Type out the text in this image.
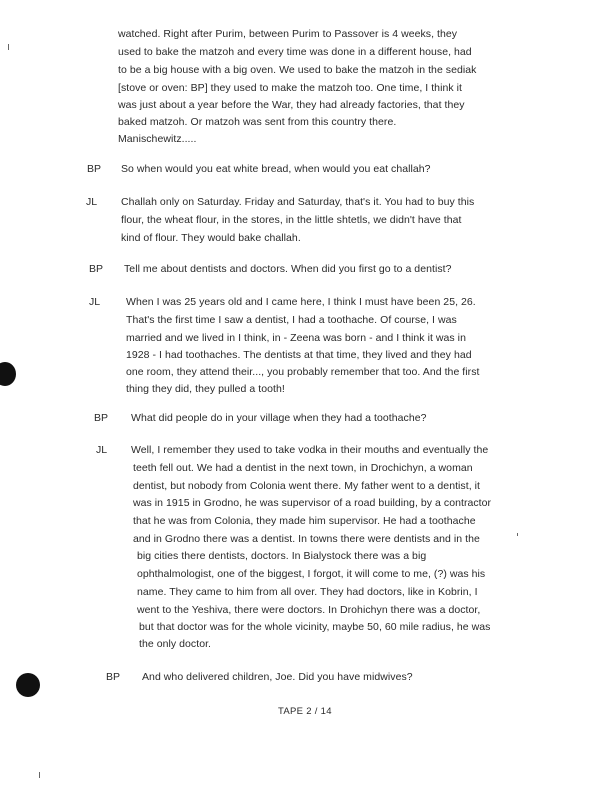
watched. Right after Purim, between Purim to Passover is 4 weeks, they
used to bake the matzoh and every time was done in a different house, had
to be a big house with a big oven. We used to bake the matzoh in the sediak
[stove or oven: BP] they used to make the matzoh too. One time, I think it
was just about a year before the War, they had already factories, that they
baked matzoh. Or matzoh was sent from this country there.
Manischewitz.....
BP So when would you eat white bread, when would you eat challah?
JL Challah only on Saturday. Friday and Saturday, that's it. You had to buy this
flour, the wheat flour, in the stores, in the little shtetls, we didn't have that
kind of flour. They would bake challah.
BP Tell me about dentists and doctors. When did you first go to a dentist?
JL When I was 25 years old and I came here, I think I must have been 25, 26.
That's the first time I saw a dentist, I had a toothache. Of course, I was
married and we lived in I think, in - Zeena was born - and I think it was in
1928 - I had toothaches. The dentists at that time, they lived and they had
one room, they attend their..., you probably remember that too. And the first
thing they did, they pulled a tooth!
BP What did people do in your village when they had a toothache?
JL Well, I remember they used to take vodka in their mouths and eventually the
teeth fell out. We had a dentist in the next town, in Drochichyn, a woman
dentist, but nobody from Colonia went there. My father went to a dentist, it
was in 1915 in Grodno, he was supervisor of a road building, by a contractor
that he was from Colonia, they made him supervisor. He had a toothache
and in Grodno there was a dentist. In towns there were dentists and in the
big cities there dentists, doctors. In Bialystock there was a big
ophthalmologist, one of the biggest, I forgot, it will come to me, (?) was his
name. They came to him from all over. They had doctors, like in Kobrin, I
went to the Yeshiva, there were doctors. In Drohichyn there was a doctor,
but that doctor was for the whole vicinity, maybe 50, 60 mile radius, he was
the only doctor.
BP And who delivered children, Joe. Did you have midwives?
TAPE 2 / 14
